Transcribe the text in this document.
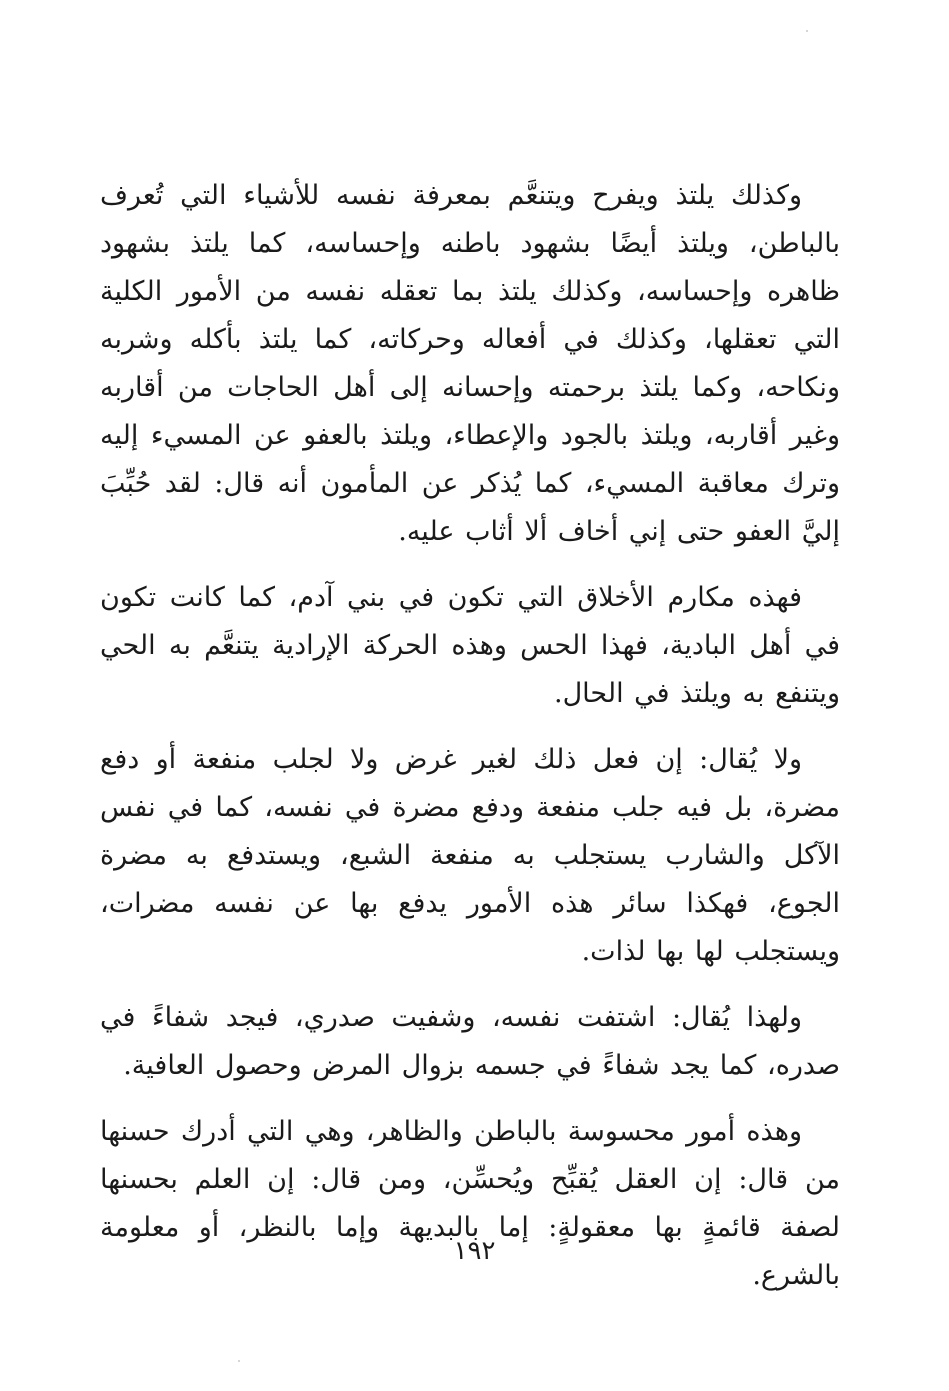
وكذلك يلتذ ويفرح ويتنعَّم بمعرفة نفسه للأشياء التي تُعرف بالباطن، ويلتذ أيضًا بشهود باطنه وإحساسه، كما يلتذ بشهود ظاهره وإحساسه، وكذلك يلتذ بما تعقله نفسه من الأمور الكلية التي تعقلها، وكذلك في أفعاله وحركاته، كما يلتذ بأكله وشربه ونكاحه، وكما يلتذ برحمته وإحسانه إلى أهل الحاجات من أقاربه وغير أقاربه، ويلتذ بالجود والإعطاء، ويلتذ بالعفو عن المسيء إليه وترك معاقبة المسيء، كما يُذكر عن المأمون أنه قال: لقد حُبِّبَ إليَّ العفو حتى إني أخاف ألا أثاب عليه.

فهذه مكارم الأخلاق التي تكون في بني آدم، كما كانت تكون في أهل البادية، فهذا الحس وهذه الحركة الإرادية يتنعَّم به الحي ويتنفع به ويلتذ في الحال.

ولا يُقال: إن فعل ذلك لغير غرض ولا لجلب منفعة أو دفع مضرة، بل فيه جلب منفعة ودفع مضرة في نفسه، كما في نفس الآكل والشارب يستجلب به منفعة الشبع، ويستدفع به مضرة الجوع، فهكذا سائر هذه الأمور يدفع بها عن نفسه مضرات، ويستجلب لها بها لذات.

ولهذا يُقال: اشتفت نفسه، وشفيت صدري، فيجد شفاءً في صدره، كما يجد شفاءً في جسمه بزوال المرض وحصول العافية.

وهذه أمور محسوسة بالباطن والظاهر، وهي التي أدرك حسنها من قال: إن العقل يُقبِّح ويُحسِّن، ومن قال: إن العلم بحسنها لصفة قائمةٍ بها معقولةٍ: إما بالبديهة وإما بالنظر، أو معلومة بالشرع.

١٩٢
